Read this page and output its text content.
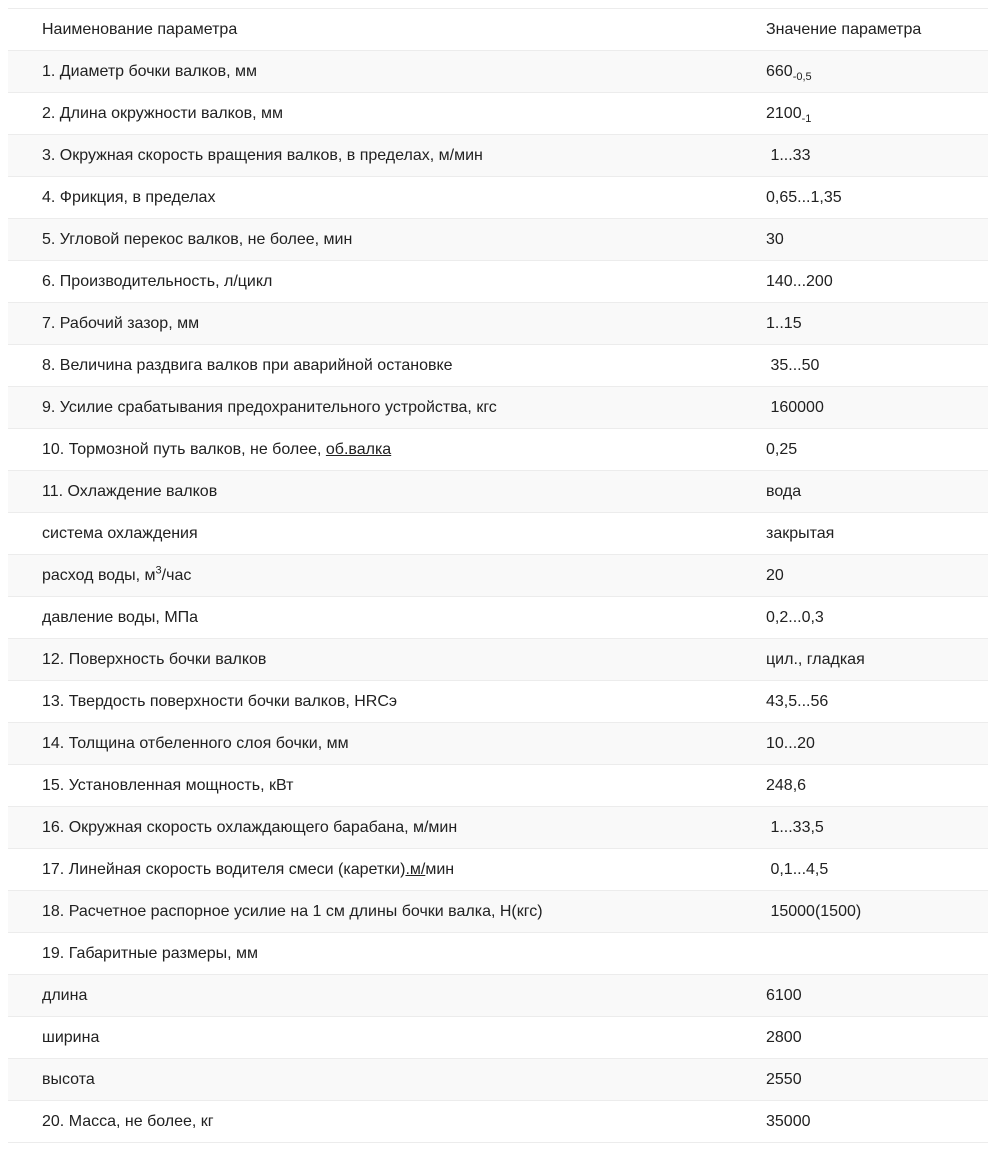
Наименование параметра	Значение параметра
1. Диаметр бочки валков, мм	$660_{-0,5}$
2. Длина окружности валков, мм	$2100_{-1}$
3. Окружная скорость вращения валков, в пределах, м/мин	1...33
4. Фрикция, в пределах	0,65...1,35
5. Угловой перекос валков, не более, мин	30
6. Производительность, л/цикл	140...200
7. Рабочий зазор, мм	1..15
8. Величина раздвига валков при аварийной остановке	35...50
9. Усилие срабатывания предохранительного устройства, кгс	160000
10. Тормозной путь валков, не более, об.валка	0,25
11. Охлаждение валков	вода
система охлаждения	закрытая
расход воды, $м^3$/час	20
давление воды, МПа	0,2...0,3
12. Поверхность бочки валков	цил., гладкая
13. Твердость поверхности бочки валков, HRCэ	43,5...56
14. Толщина отбеленного слоя бочки, мм	10...20
15. Установленная мощность, кВт	248,6
16. Окружная скорость охлаждающего барабана, м/мин	1...33,5
17. Линейная скорость водителя смеси (каретки).м/мин	0,1...4,5
18. Расчетное распорное усилие на 1 см длины бочки валка, Н(кгс)	15000(1500)
19. Габаритные размеры, мм	
длина	6100
ширина	2800
высота	2550
20. Масса, не более, кг	35000
